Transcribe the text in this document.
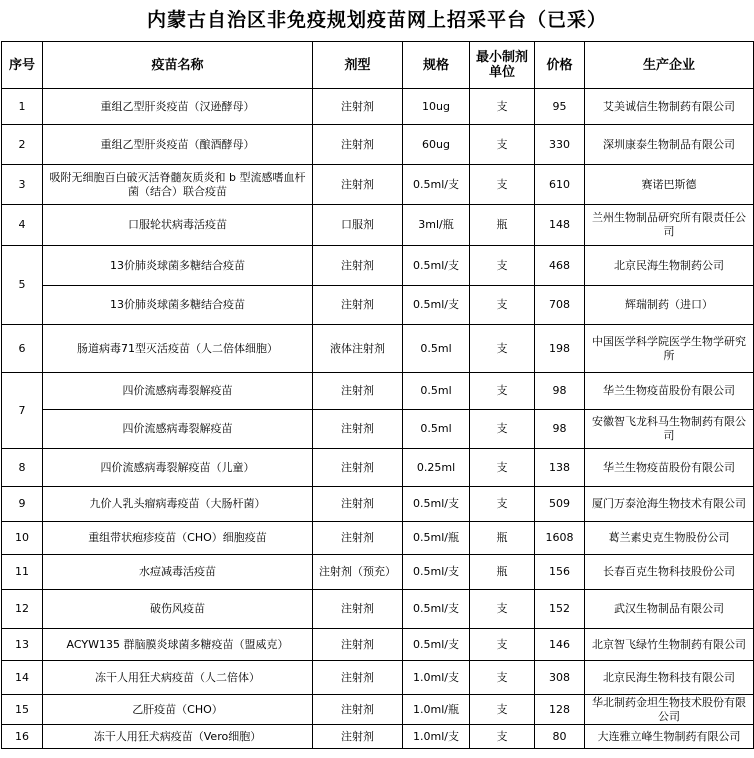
内蒙古自治区非免疫规划疫苗网上招采平台（已采）
序号	疫苗名称	剂型	规格	最小制剂单位	价格	生产企业
1	重组乙型肝炎疫苗（汉逊酵母）	注射剂	10ug	支	95	艾美诚信生物制药有限公司
2	重组乙型肝炎疫苗（酿酒酵母）	注射剂	60ug	支	330	深圳康泰生物制品有限公司
3	吸附无细胞百白破灭活脊髓灰质炎和 b 型流感嗜血杆菌（结合）联合疫苗	注射剂	0.5ml/支	支	610	赛诺巴斯德
4	口服轮状病毒活疫苗	口服剂	3ml/瓶	瓶	148	兰州生物制品研究所有限责任公司
5	13价肺炎球菌多糖结合疫苗	注射剂	0.5ml/支	支	468	北京民海生物制药公司
	13价肺炎球菌多糖结合疫苗	注射剂	0.5ml/支	支	708	辉瑞制药（进口）
6	肠道病毒71型灭活疫苗（人二倍体细胞）	液体注射剂	0.5ml	支	198	中国医学科学院医学生物学研究所
7	四价流感病毒裂解疫苗	注射剂	0.5ml	支	98	华兰生物疫苗股份有限公司
	四价流感病毒裂解疫苗	注射剂	0.5ml	支	98	安徽智飞龙科马生物制药有限公司
8	四价流感病毒裂解疫苗（儿童）	注射剂	0.25ml	支	138	华兰生物疫苗股份有限公司
9	九价人乳头瘤病毒疫苗（大肠杆菌）	注射剂	0.5ml/支	支	509	厦门万泰沧海生物技术有限公司
10	重组带状疱疹疫苗（CHO）细胞疫苗	注射剂	0.5ml/瓶	瓶	1608	葛兰素史克生物股份公司
11	水痘减毒活疫苗	注射剂（预充）	0.5ml/支	瓶	156	长春百克生物科技股份公司
12	破伤风疫苗	注射剂	0.5ml/支	支	152	武汉生物制品有限公司
13	ACYW135 群脑膜炎球菌多糖疫苗（盟威克）	注射剂	0.5ml/支	支	146	北京智飞绿竹生物制药有限公司
14	冻干人用狂犬病疫苗（人二倍体）	注射剂	1.0ml/支	支	308	北京民海生物科技有限公司
15	乙肝疫苗（CHO）	注射剂	1.0ml/瓶	支	128	华北制药金坦生物技术股份有限公司
16	冻干人用狂犬病疫苗（Vero细胞）	注射剂	1.0ml/支	支	80	大连雅立峰生物制药有限公司
